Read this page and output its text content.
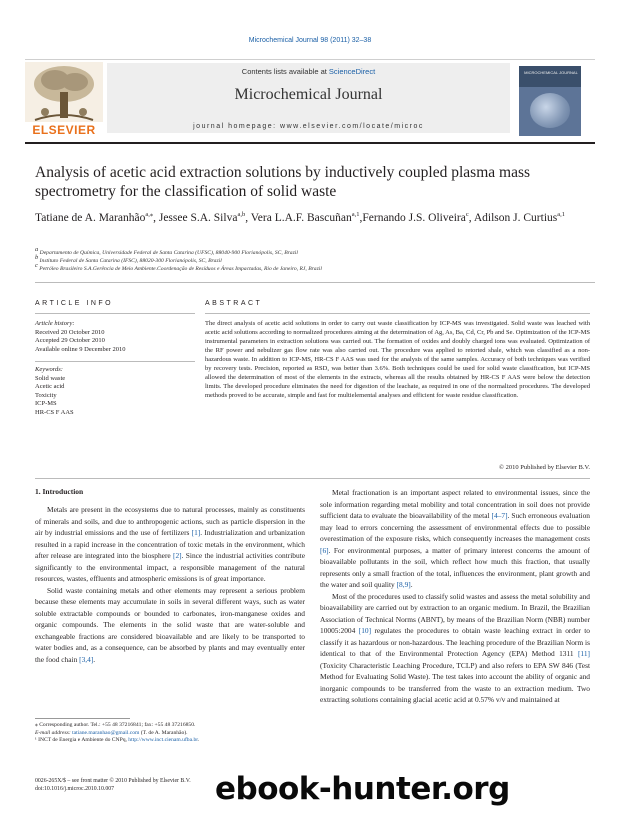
Microchemical Journal 98 (2011) 32–38
ELSEVIER
Contents lists available at ScienceDirect
Microchemical Journal
journal homepage: www.elsevier.com/locate/microc
MICROCHEMICAL JOURNAL
Analysis of acetic acid extraction solutions by inductively coupled plasma mass spectrometry for the classification of solid waste
Tatiane de A. Maranhão$^{a,⁎}$, Jessee S.A. Silva$^{a,b}$, Vera L.A.F. Bascuñan$^{a,1}$,Fernando J.S. Oliveira$^c$, Adilson J. Curtius$^{a,1}$
$^a$ Departamento de Química, Universidade Federal de Santa Catarina (UFSC), 88040-900 Florianópolis, SC, Brazil
$^b$ Instituto Federal de Santa Catarina (IFSC), 88020-300 Florianópolis, SC, Brazil
$^c$ Petróleo Brasileiro S.A.Gerência de Meio Ambiente.Coordenação de Resíduos e Áreas Impactadas, Rio de Janeiro, RJ, Brazil
ARTICLE INFO
Article history:
Received 20 October 2010
Accepted 29 October 2010
Available online 9 December 2010
Keywords:
Solid waste
Acetic acid
Toxicity
ICP-MS
HR-CS F AAS
ABSTRACT
The direct analysis of acetic acid solutions in order to carry out waste classification by ICP-MS was investigated. Solid waste was leached with acetic acid solutions according to normalized procedures aiming at the determination of Ag, As, Ba, Cd, Cr, Pb and Se. Optimization of the ICP-MS instrumental parameters in extraction solutions was carried out. The formation of oxides and doubly charged ions was evaluated. Optimization of the RF power and nebulizer gas flow rate was also carried out. The procedure was applied to retorted shale, which was classified as a non-hazardous waste. In addition to ICP-MS, HR-CS F AAS was used for the analysis of the same samples. Accuracy of both techniques was verified by recovery tests. Precision, reported as RSD, was better than 3.6%. Both techniques could be used for solid waste classification, but ICP-MS allowed the determination of most of the elements in the extracts, whereas all the results obtained by HR-CS F AAS were below the detection limits. The developed procedure eliminates the need for digestion of the leachate, as required in one of the normalized procedures. The developed methods proved to be accurate, simple and fast for multielemental analyses and efficient for waste residue classification.
© 2010 Published by Elsevier B.V.
1. Introduction

Metals are present in the ecosystems due to natural processes, mainly as constituents of minerals and soils, and due to anthropogenic actions, such as particle dispersion in the air by industrial emissions and the use of fertilizers [1]. Industrialization and urbanization resulted in a rapid increase in the concentration of toxic metals in the environment, which after release are integrated into the biosphere [2]. Since the industrial activities contribute significantly to the environmental impact, a responsible management of the natural resources, wastes, effluents and atmospheric emissions is of great importance.

Solid waste containing metals and other elements may represent a serious problem because these elements may accumulate in soils in several different ways, such as water soluble extractable compounds or bounded to carbonates, iron-manganese oxides and organic compounds. The elements in the solid waste that are water-soluble and exchangeable fractions are considered bioavailable and are likely to be transported to water bodies and, as a consequence, can be absorbed by plants and may eventually enter the food chain [3,4].

Metal fractionation is an important aspect related to environmental issues, since the sole information regarding metal mobility and total concentration in soil does not provide sufficient data to evaluate the bioavailability of the metal [4–7]. Such erroneous evaluation may lead to errors concerning the assessment of environmental effects due to possible overestimation of the exposure risks, which consequently increases the management costs [6]. For environmental purposes, a matter of primary interest concerns the amount of bioavailable pollutants in the soil, which reflect how much this fraction, that usually represents only a small fraction of the total, influences the environment, plant growth and the water and soil quality [8,9].

Most of the procedures used to classify solid wastes and assess the metal solubility and bioavailability are carried out by extraction to an organic medium. In Brazil, the Brazilian Association of Technical Norms (ABNT), by means of the Brazilian Norm (NBR) number 10005:2004 [10] regulates the procedures to obtain waste leaching extract in order to classify it as hazardous or non-hazardous. The leaching procedure of the Brazilian Norm is identical to that of the Environmental Protection Agency (EPA) Method 1311 [11] (Toxicity Characteristic Leaching Procedure, TCLP) and also refers to EPA SW 846 (Test Method for Evaluating Solid Waste). The test takes into account the ability of organic and inorganic compounds to be transferred from the waste to an extraction medium. Two extracting solutions containing glacial acetic acid at 0.57% v/v and maintained at

⁎ Corresponding author. Tel.: +55 48 37216841; fax: +55 48 37216850.
E-mail address: tatiane.maranhao@gmail.com (T. de A. Maranhão).
¹ INCT de Energia e Ambiente do CNPq, http://www.inct.cienam.ufba.br.
0026-265X/$ – see front matter © 2010 Published by Elsevier B.V.
doi:10.1016/j.microc.2010.10.007	ebook-hunter.org
